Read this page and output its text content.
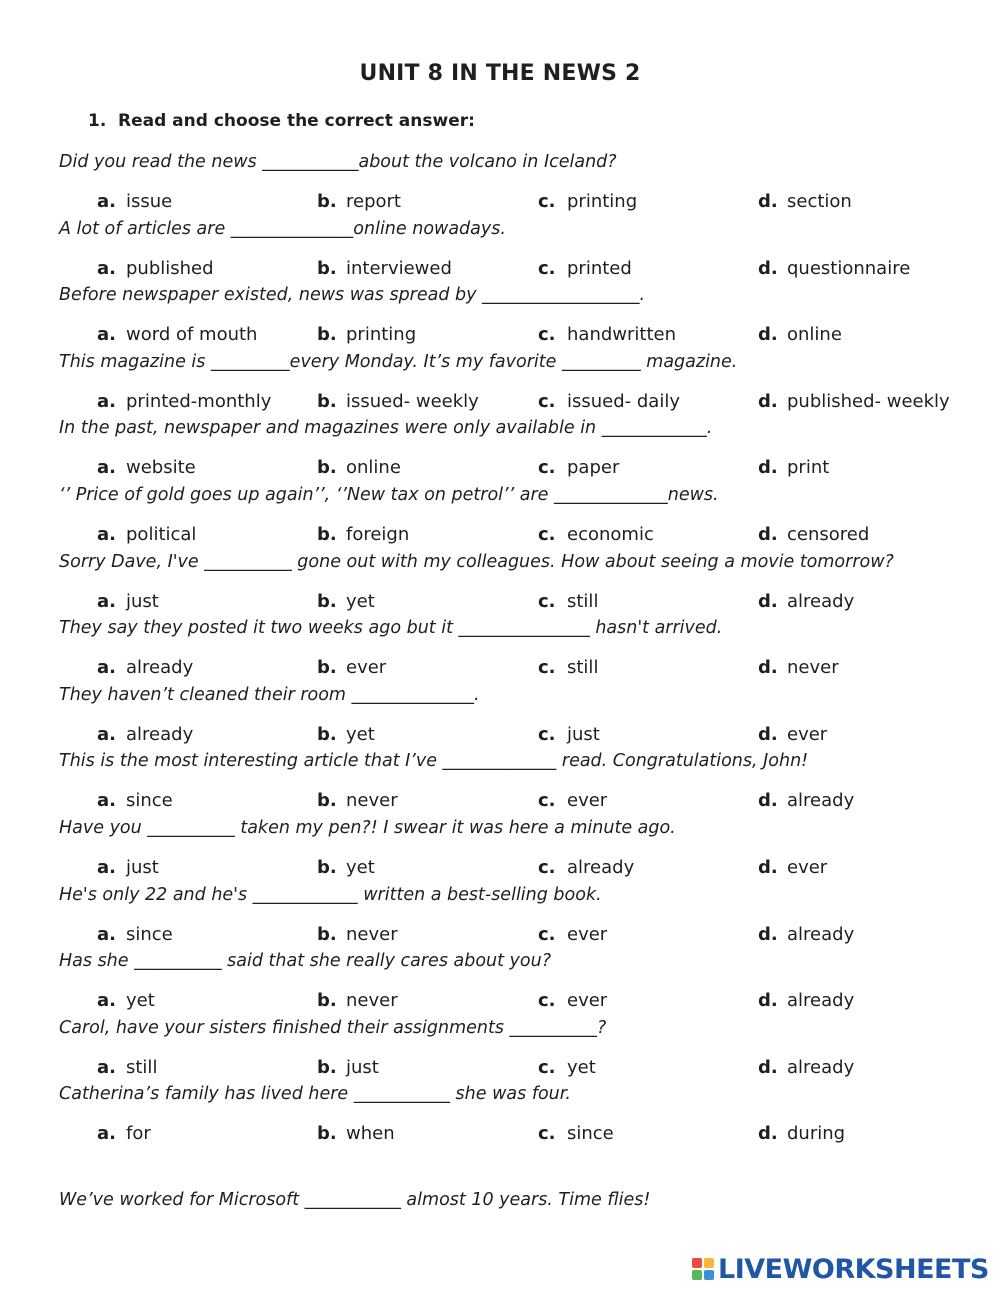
UNIT 8 IN THE NEWS 2
1. Read and choose the correct answer:
Did you read the news ___________about the volcano in Iceland?
a. issue	b. report	c. printing	d. section
A lot of articles are ______________online nowadays.
a. published	b. interviewed	c. printed	d. questionnaire
Before newspaper existed, news was spread by __________________.
a. word of mouth	b. printing	c. handwritten	d. online
This magazine is _________every Monday. It’s my favorite _________ magazine.
a. printed-monthly	b. issued- weekly	c. issued- daily	d. published- weekly
In the past, newspaper and magazines were only available in ____________.
a. website	b. online	c. paper	d. print
‘’ Price of gold goes up again’’, ‘’New tax on petrol’’ are _____________news.
a. political	b. foreign	c. economic	d. censored
Sorry Dave, I've __________ gone out with my colleagues. How about seeing a movie tomorrow?
a. just	b. yet	c. still	d. already
They say they posted it two weeks ago but it _______________ hasn't arrived.
a. already	b. ever	c. still	d. never
They haven’t cleaned their room ______________.
a. already	b. yet	c. just	d. ever
This is the most interesting article that I’ve _____________ read. Congratulations, John!
a. since	b. never	c. ever	d. already
Have you __________ taken my pen?! I swear it was here a minute ago.
a. just	b. yet	c. already	d. ever
He's only 22 and he's ____________ written a best-selling book.
a. since	b. never	c. ever	d. already
Has she __________ said that she really cares about you?
a. yet	b. never	c. ever	d. already
Carol, have your sisters finished their assignments __________?
a. still	b. just	c. yet	d. already
Catherina’s family has lived here ___________ she was four.
a. for	b. when	c. since	d. during
We’ve worked for Microsoft ___________ almost 10 years. Time flies!
LIVEWORKSHEETS
